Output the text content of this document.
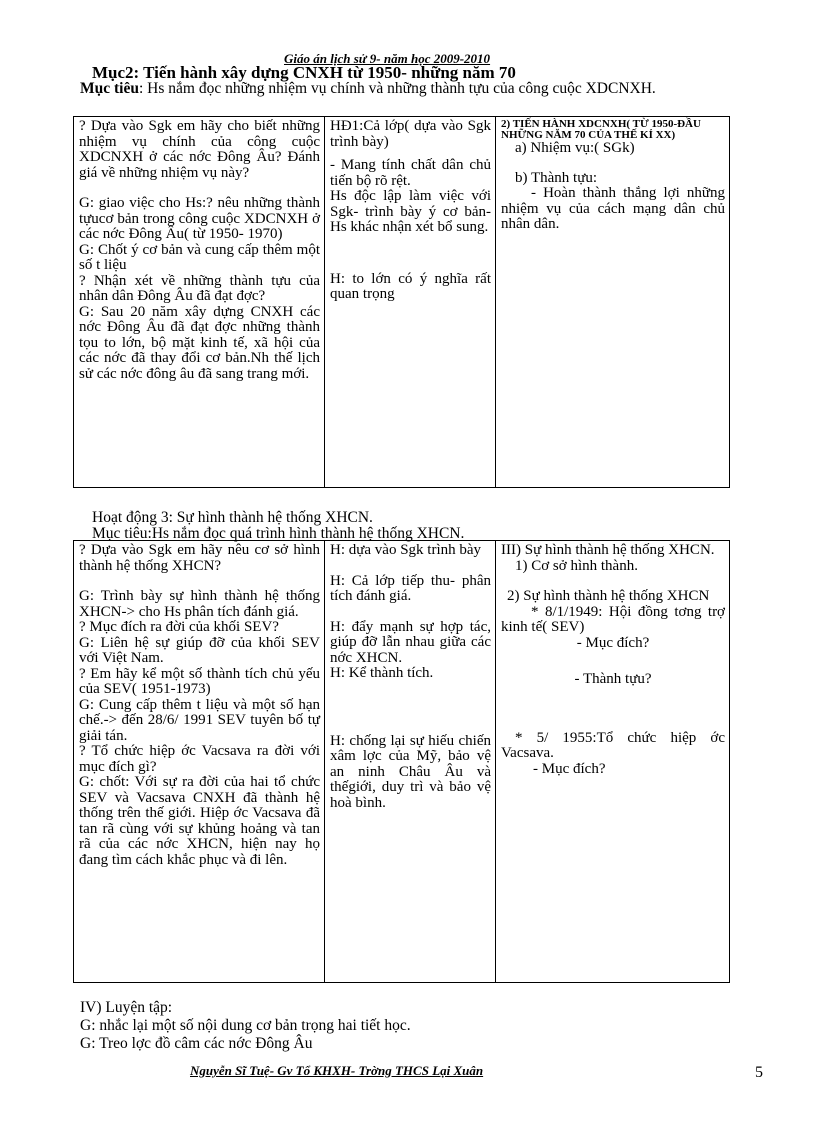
Giáo án lịch sử 9- năm học 2009-2010
Mục2: Tiến hành xây dựng CNXH từ 1950- những năm 70
Mục tiêu: Hs nắm đọc những nhiệm vụ chính và những thành tựu của công cuộc XDCNXH.
? Dựa vào Sgk em hãy cho biết những nhiệm vụ chính của công cuộc XDCNXH ở các nớc Đông Âu? Đánh giá về những nhiệm vụ này?
G: giao việc cho Hs:? nêu những thành tựucơ bản trong công cuộc XDCNXH ở các nớc Đông Âu( từ 1950- 1970)
G: Chốt ý cơ bản và cung cấp thêm một số t liệu
? Nhận xét về những thành tựu của nhân dân Đông Âu đã đạt đợc?
G: Sau 20 năm xây dựng CNXH các nớc Đông Âu đã đạt đợc những thành tọu to lớn, bộ mặt kinh tế, xã hội của các nớc đã thay đổi cơ bản.Nh thế lịch sử các nớc đông âu đã sang trang mới.

HĐ1:Cả lớp( dựa vào Sgk trình bày)
- Mang tính chất dân chủ tiến bộ rõ rệt.
Hs độc lập làm việc với Sgk- trình bày ý cơ bản- Hs khác nhận xét bổ sung.
H: to lớn có ý nghĩa rất quan trọng

2) TIẾN HÀNH XDCNXH( TỪ 1950-ĐẦU NHỮNG NĂM 70 CỦA THẾ KỈ XX)
a) Nhiệm vụ:( SGk)
b) Thành tựu:
- Hoàn thành thắng lợi những nhiệm vụ của cách mạng dân chủ nhân dân.
Hoạt động 3: Sự hình thành hệ thống XHCN.
Mục tiêu:Hs nắm đọc quá trình hình thành hệ thống XHCN.
? Dựa vào Sgk em hãy nêu cơ sở hình thành hệ thống XHCN?
G: Trình bày sự hình thành hệ thống XHCN-> cho Hs phân tích đánh giá.
? Mục đích ra đời của khối SEV?
G: Liên hệ sự giúp đỡ của khối SEV với Việt Nam.
? Em hãy kể một số thành tích chủ yếu của SEV( 1951-1973)
G: Cung cấp thêm t liệu và một số hạn chế.-> đến 28/6/ 1991 SEV tuyên bố tự giải tán.
? Tổ chức hiệp ớc Vacsava ra đời với mục đích gì?
G: chốt: Với sự ra đời của hai tổ chức SEV và Vacsava CNXH đã thành hệ thống trên thế giới. Hiệp ớc Vacsava đã tan rã cùng với sự khủng hoảng và tan rã của các nớc XHCN, hiện nay họ đang tìm cách khắc phục và đi lên.

H: dựa vào Sgk trình bày
H: Cả lớp tiếp thu- phân tích đánh giá.
H: đẩy mạnh sự hợp tác, giúp đỡ lẫn nhau giữa các nớc XHCN.
H: Kể thành tích.
H: chống lại sự hiếu chiến xâm lợc của Mỹ, bảo vệ an ninh Châu Âu và thếgiới, duy trì và bảo vệ hoà bình.

III) Sự hình thành hệ thống XHCN.
1) Cơ sở hình thành.
2) Sự hình thành hệ thống XHCN
* 8/1/1949: Hội đồng tơng trợ kinh tế( SEV)
- Mục đích?
- Thành tựu?
* 5/ 1955:Tổ chức hiệp ớc Vacsava.
- Mục đích?
IV) Luyện tập:
G: nhắc lại một số nội dung cơ bản trọng hai tiết học.
G: Treo lợc đồ câm các nớc Đông Âu
Nguyễn Sĩ Tuệ- Gv Tổ KHXH- Trờng THCS Lại Xuân	5
